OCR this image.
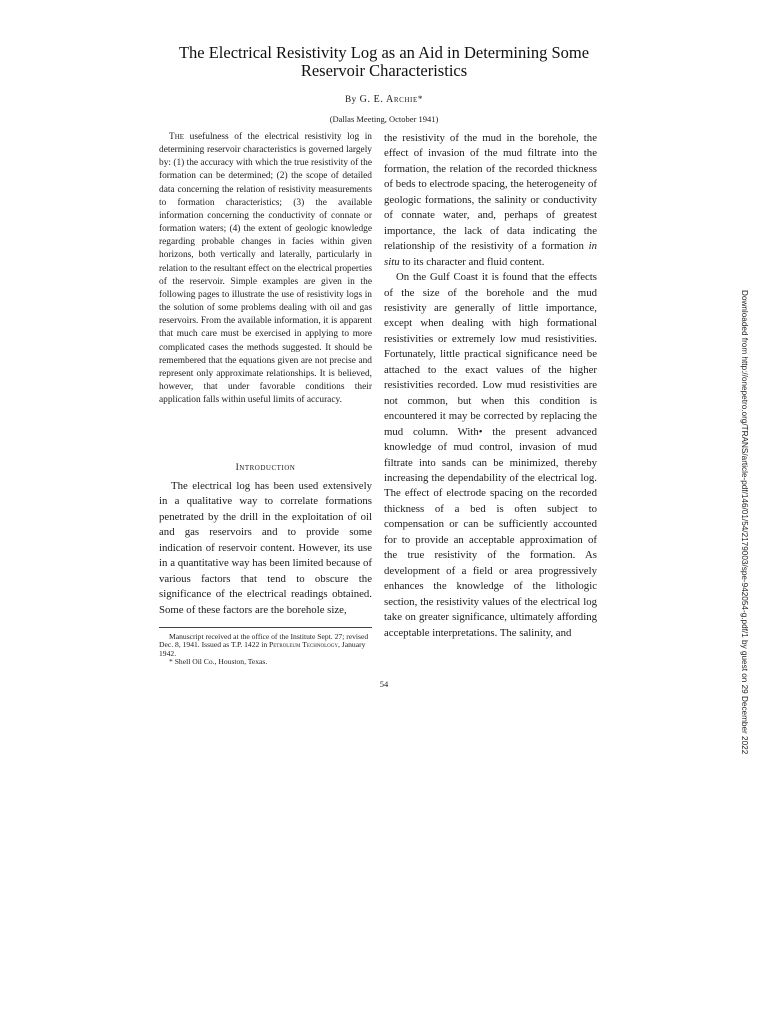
The Electrical Resistivity Log as an Aid in Determining Some
Reservoir Characteristics
By G. E. Archie*
(Dallas Meeting, October 1941)

The usefulness of the electrical resistivity log in determining reservoir characteristics is governed largely by: (1) the accuracy with which the true resistivity of the formation can be determined; (2) the scope of detailed data concerning the relation of resistivity measurements to formation characteristics; (3) the available information concerning the conductivity of connate or formation waters; (4) the extent of geologic knowledge regarding probable changes in facies within given horizons, both vertically and laterally, particularly in relation to the resultant effect on the electrical properties of the reservoir. Simple examples are given in the following pages to illustrate the use of resistivity logs in the solution of some problems dealing with oil and gas reservoirs. From the available information, it is apparent that much care must be exercised in applying to more complicated cases the methods suggested. It should be remembered that the equations given are not precise and represent only approximate relationships. It is believed, however, that under favorable conditions their application falls within useful limits of accuracy.

Introduction

The electrical log has been used extensively in a qualitative way to correlate formations penetrated by the drill in the exploitation of oil and gas reservoirs and to provide some indication of reservoir content. However, its use in a quantitative way has been limited because of various factors that tend to obscure the significance of the electrical readings obtained. Some of these factors are the borehole size,

Manuscript received at the office of the Institute Sept. 27; revised Dec. 8, 1941. Issued as T.P. 1422 in Petroleum Technology, January 1942.

* Shell Oil Co., Houston, Texas.

the resistivity of the mud in the borehole, the effect of invasion of the mud filtrate into the formation, the relation of the recorded thickness of beds to electrode spacing, the heterogeneity of geologic formations, the salinity or conductivity of connate water, and, perhaps of greatest importance, the lack of data indicating the relationship of the resistivity of a formation in situ to its character and fluid content.

On the Gulf Coast it is found that the effects of the size of the borehole and the mud resistivity are generally of little importance, except when dealing with high formational resistivities or extremely low mud resistivities. Fortunately, little practical significance need be attached to the exact values of the higher resistivities recorded. Low mud resistivities are not common, but when this condition is encountered it may be corrected by replacing the mud column. With• the present advanced knowledge of mud control, invasion of mud filtrate into sands can be minimized, thereby increasing the dependability of the electrical log. The effect of electrode spacing on the recorded thickness of a bed is often subject to compensation or can be sufficiently accounted for to provide an acceptable approximation of the true resistivity of the formation. As development of a field or area progressively enhances the knowledge of the lithologic section, the resistivity values of the electrical log take on greater significance, ultimately affording acceptable interpretations. The salinity, and

54	Downloaded from http://onepetro.org/TRANS/article-pdf/146/01/54/2179003/spe-942054-g.pdf/1 by guest on 29 December 2022
